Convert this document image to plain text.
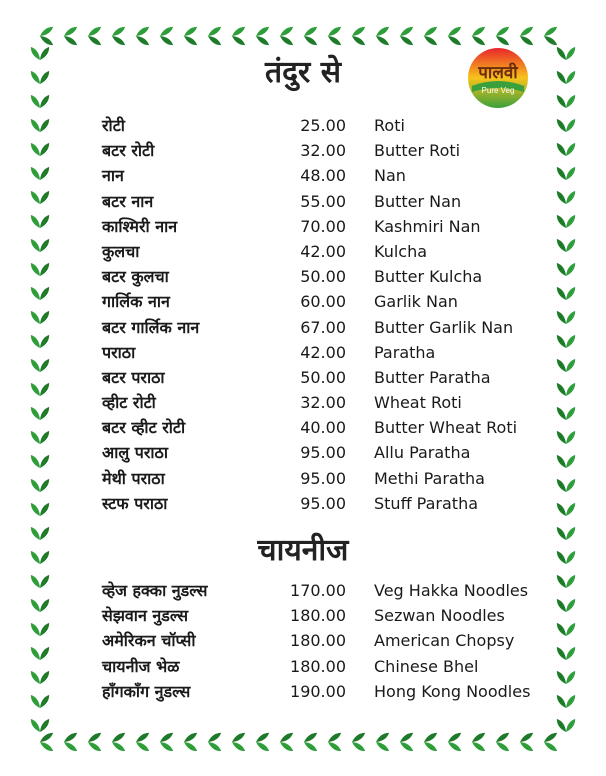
पालवी
Pure Veg
तंदुर से
रोटी	25.00 Roti
बटर रोटी	32.00 Butter Roti
नान	48.00 Nan
बटर नान	55.00 Butter Nan
काश्मिरी नान	70.00 Kashmiri Nan
कुलचा	42.00 Kulcha
बटर कुलचा	50.00 Butter Kulcha
गार्लिक नान	60.00 Garlik Nan
बटर गार्लिक नान	67.00 Butter Garlik Nan
पराठा	42.00 Paratha
बटर पराठा	50.00 Butter Paratha
व्हीट रोटी	32.00 Wheat Roti
बटर व्हीट रोटी	40.00 Butter Wheat Roti
आलु पराठा	95.00 Allu Paratha
मेथी पराठा	95.00 Methi Paratha
स्टफ पराठा	95.00 Stuff Paratha
चायनीज
व्हेज हक्का नुडल्स	170.00 Veg Hakka Noodles
सेझवान नुडल्स	180.00 Sezwan Noodles
अमेरिकन चॉप्सी	180.00 American Chopsy
चायनीज भेळ	180.00 Chinese Bhel
हाँगकाँग नुडल्स	190.00 Hong Kong Noodles
